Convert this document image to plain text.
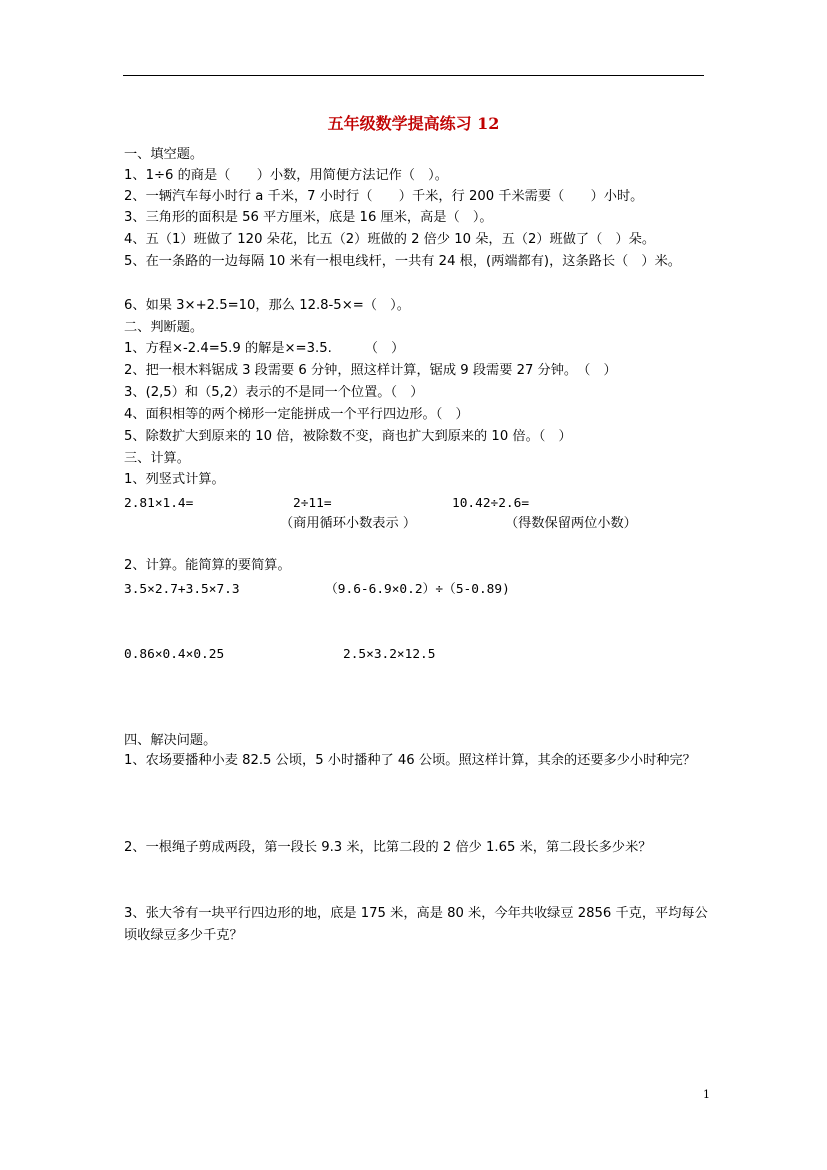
五年级数学提高练习 12
一、填空题。
1、1÷6 的商是（　　）小数，用简便方法记作（　）。
2、一辆汽车每小时行 a 千米，7 小时行（　　）千米，行 200 千米需要（　　）小时。
3、三角形的面积是 56 平方厘米，底是 16 厘米，高是（　）。
4、五（1）班做了 120 朵花，比五（2）班做的 2 倍少 10 朵，五（2）班做了（　）朵。
5、在一条路的一边每隔 10 米有一根电线杆，一共有 24 根，(两端都有)，这条路长（　）米。
6、如果 3×+2.5=10，那么 12.8-5×=（　）。
二、判断题。
1、方程×-2.4=5.9 的解是×=3.5.　　　（　）
2、把一根木料锯成 3 段需要 6 分钟，照这样计算，锯成 9 段需要 27 分钟。　（　）
3、(2,5）和（5,2）表示的不是同一个位置。（　）
4、面积相等的两个梯形一定能拼成一个平行四边形。（　）
5、除数扩大到原来的 10 倍，被除数不变，商也扩大到原来的 10 倍。（　）
三、计算。
1、列竖式计算。
2.81×1.4=	2÷11=	10.42÷2.6=
（商用循环小数表示 ）	（得数保留两位小数）
2、计算。能简算的要简算。
3.5×2.7+3.5×7.3	（9.6-6.9×0.2）÷（5-0.89)
0.86×0.4×0.25	2.5×3.2×12.5
四、解决问题。
1、农场要播种小麦 82.5 公顷，5 小时播种了 46 公顷。照这样计算，其余的还要多少小时种完？
2、一根绳子剪成两段，第一段长 9.3 米，比第二段的 2 倍少 1.65 米，第二段长多少米？
3、张大爷有一块平行四边形的地，底是 175 米，高是 80 米，今年共收绿豆 2856 千克，平均每公顷收绿豆多少千克？
1
